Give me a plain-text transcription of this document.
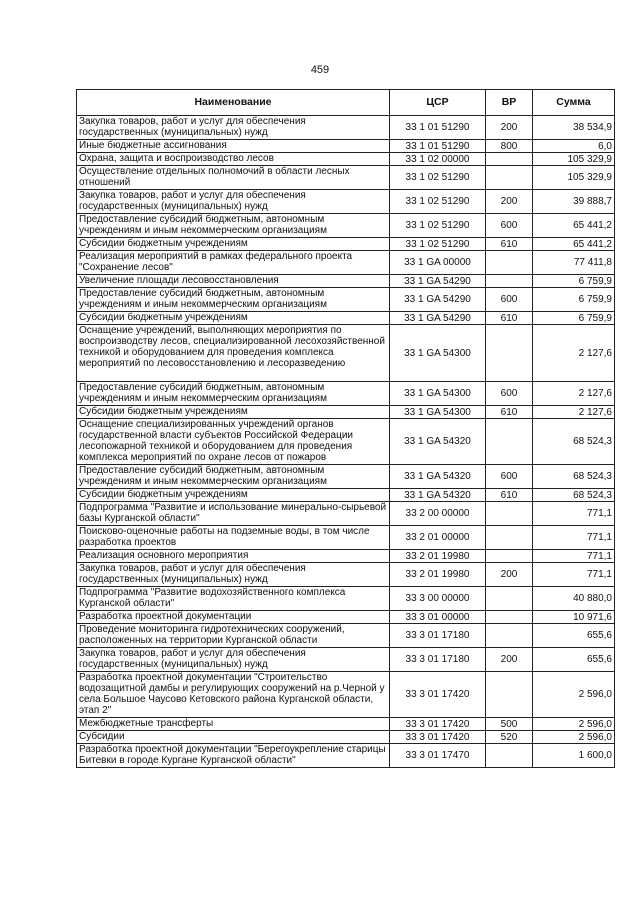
459
Наименование	ЦСР	ВР	Сумма
Закупка товаров, работ и услуг для обеспечения государственных (муниципальных) нужд	33 1 01 51290	200	38 534,9
Иные бюджетные ассигнования	33 1 01 51290	800	6,0
Охрана, защита и воспроизводство лесов	33 1 02 00000		105 329,9
Осуществление отдельных полномочий в области лесных отношений	33 1 02 51290		105 329,9
Закупка товаров, работ и услуг для обеспечения государственных (муниципальных) нужд	33 1 02 51290	200	39 888,7
Предоставление субсидий бюджетным, автономным учреждениям и иным некоммерческим организациям	33 1 02 51290	600	65 441,2
Субсидии бюджетным учреждениям	33 1 02 51290	610	65 441,2
Реализация мероприятий в рамках федерального проекта "Сохранение лесов"	33 1 GA 00000		77 411,8
Увеличение площади лесовосстановления	33 1 GA 54290		6 759,9
Предоставление субсидий бюджетным, автономным учреждениям и иным некоммерческим организациям	33 1 GA 54290	600	6 759,9
Субсидии бюджетным учреждениям	33 1 GA 54290	610	6 759,9
Оснащение учреждений, выполняющих мероприятия по воспроизводству лесов, специализированной лесохозяйственной техникой и оборудованием для проведения комплекса мероприятий по лесовосстановлению и лесоразведению	33 1 GA 54300		2 127,6
Предоставление субсидий бюджетным, автономным учреждениям и иным некоммерческим организациям	33 1 GA 54300	600	2 127,6
Субсидии бюджетным учреждениям	33 1 GA 54300	610	2 127,6
Оснащение специализированных учреждений органов государственной власти субъектов Российской Федерации лесопожарной техникой и оборудованием для проведения комплекса мероприятий по охране лесов от пожаров	33 1 GA 54320		68 524,3
Предоставление субсидий бюджетным, автономным учреждениям и иным некоммерческим организациям	33 1 GA 54320	600	68 524,3
Субсидии бюджетным учреждениям	33 1 GA 54320	610	68 524,3
Подпрограмма "Развитие и использование минерально-сырьевой базы Курганской области"	33 2 00 00000		771,1
Поисково-оценочные работы на подземные воды, в том числе разработка проектов	33 2 01 00000		771,1
Реализация основного мероприятия	33 2 01 19980		771,1
Закупка товаров, работ и услуг для обеспечения государственных (муниципальных) нужд	33 2 01 19980	200	771,1
Подпрограмма "Развитие водохозяйственного комплекса Курганской области"	33 3 00 00000		40 880,0
Разработка проектной документации	33 3 01 00000		10 971,6
Проведение мониторинга гидротехнических сооружений, расположенных на территории Курганской области	33 3 01 17180		655,6
Закупка товаров, работ и услуг для обеспечения государственных (муниципальных) нужд	33 3 01 17180	200	655,6
Разработка проектной документации "Строительство водозащитной дамбы и регулирующих сооружений на р.Черной у села Большое Чаусово Кетовского района Курганской области, этап 2"	33 3 01 17420		2 596,0
Межбюджетные трансферты	33 3 01 17420	500	2 596,0
Субсидии	33 3 01 17420	520	2 596,0
Разработка проектной документации "Берегоукрепление старицы Битевки в городе Кургане Курганской области"	33 3 01 17470		1 600,0
